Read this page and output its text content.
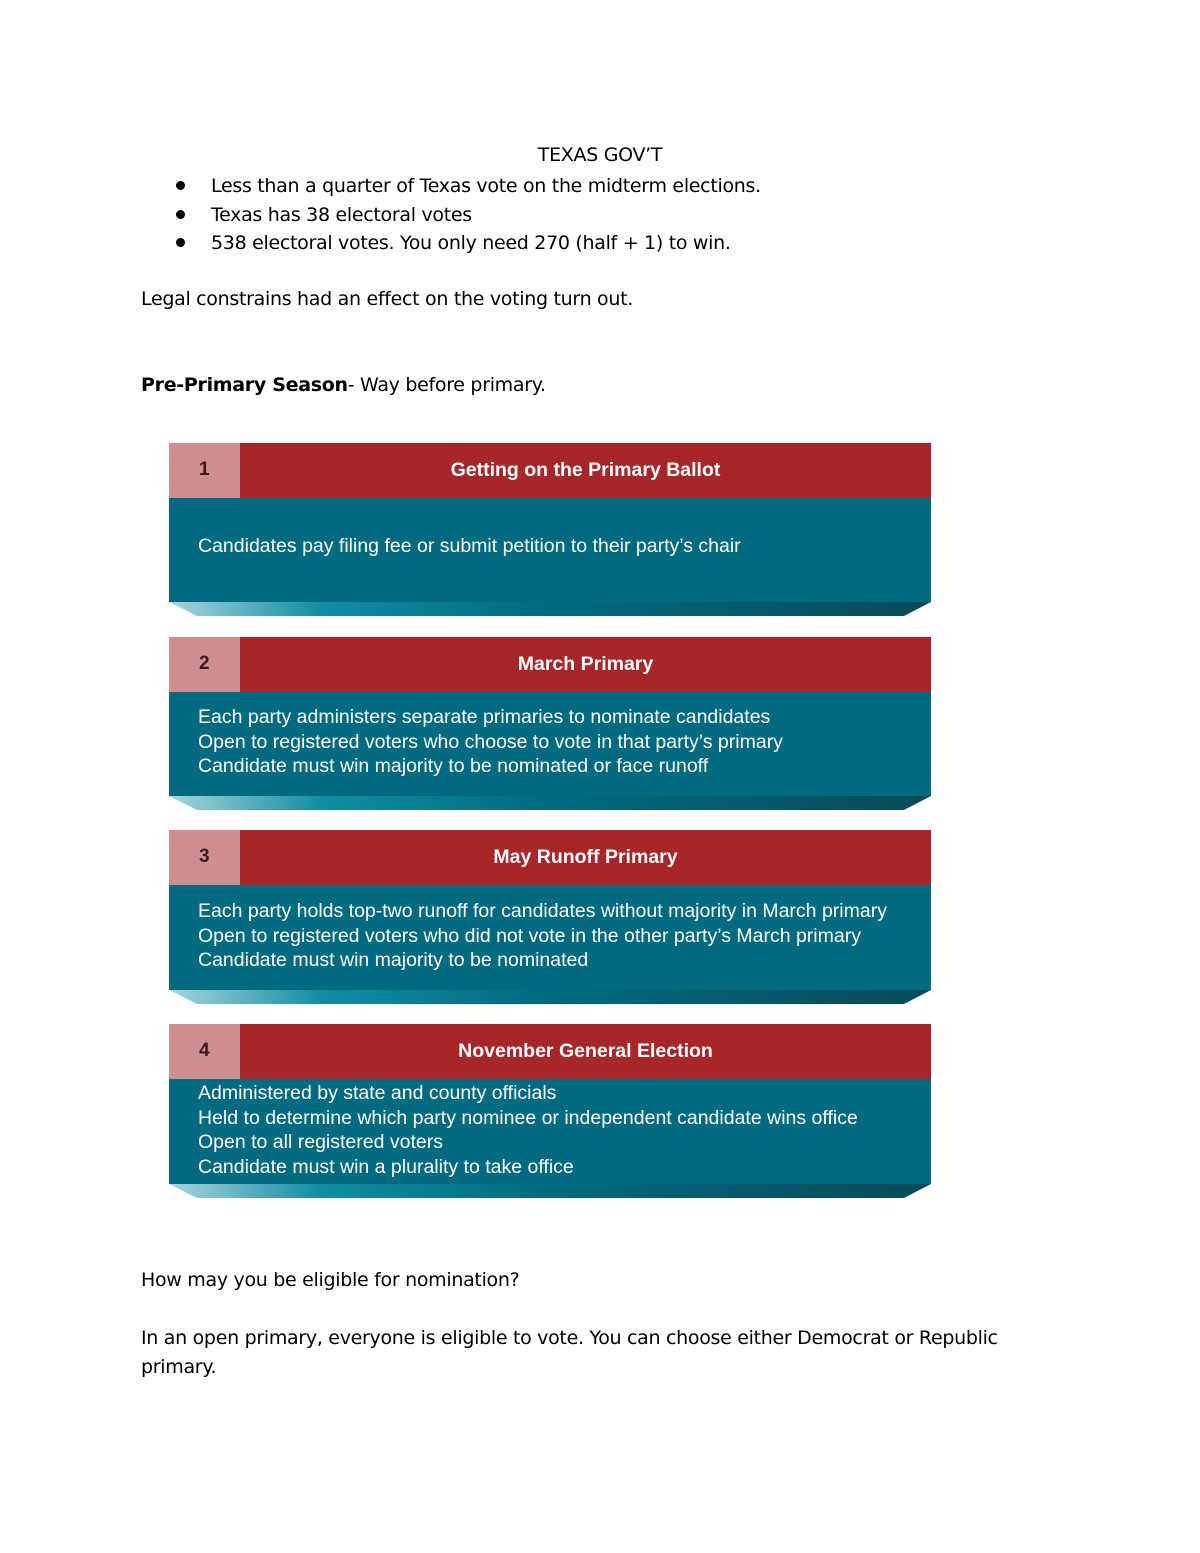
TEXAS GOV’T
Less than a quarter of Texas vote on the midterm elections.
Texas has 38 electoral votes
538 electoral votes. You only need 270 (half + 1) to win.
Legal constrains had an effect on the voting turn out.
Pre-Primary Season- Way before primary.
1	Getting on the Primary Ballot
Candidates pay filing fee or submit petition to their party’s chair
2	March Primary
Each party administers separate primaries to nominate candidates
Open to registered voters who choose to vote in that party’s primary
Candidate must win majority to be nominated or face runoff
3	May Runoff Primary
Each party holds top-two runoff for candidates without majority in March primary
Open to registered voters who did not vote in the other party’s March primary
Candidate must win majority to be nominated
4	November General Election
Administered by state and county officials
Held to determine which party nominee or independent candidate wins office
Open to all registered voters
Candidate must win a plurality to take office
How may you be eligible for nomination?
In an open primary, everyone is eligible to vote. You can choose either Democrat or Republic
primary.
